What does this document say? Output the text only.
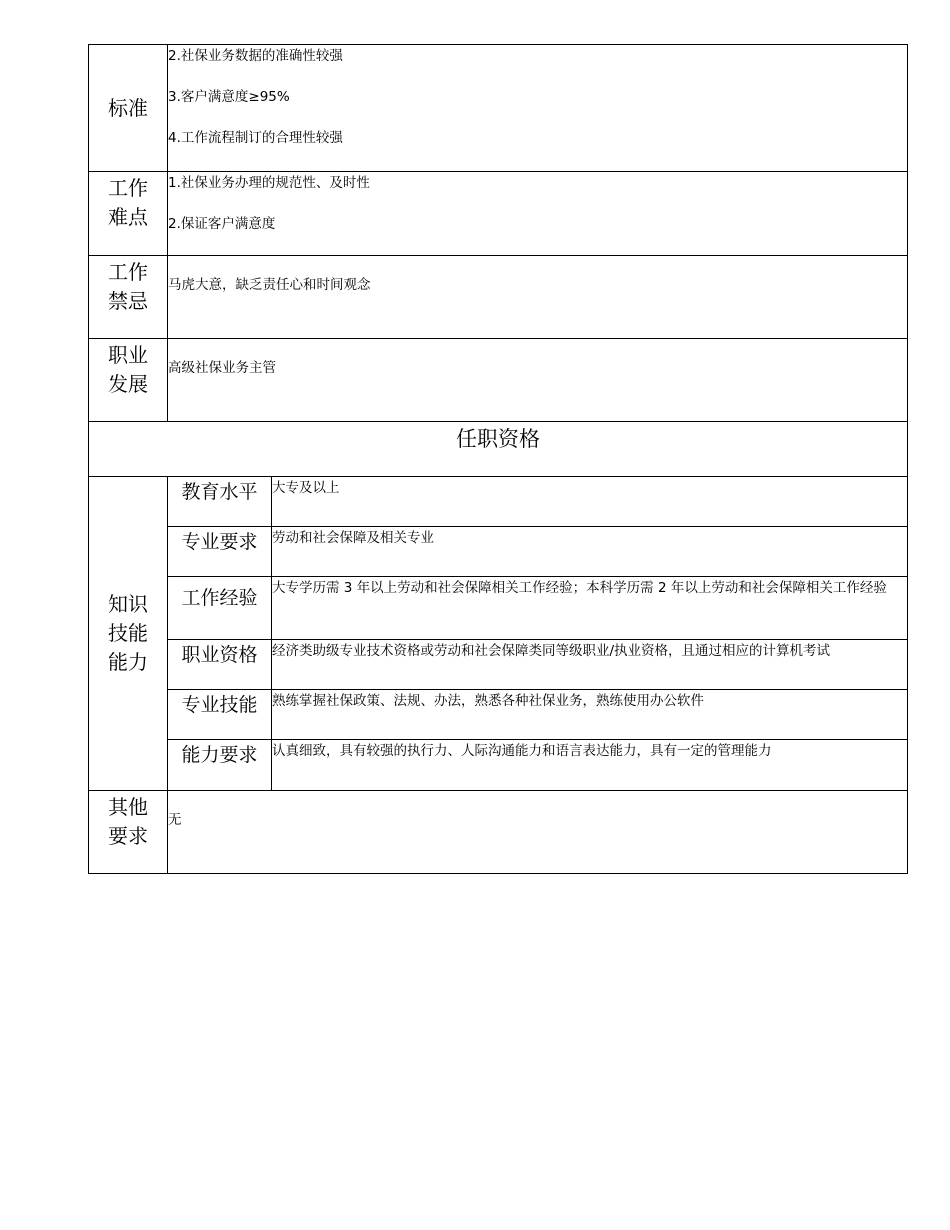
标准	2.社保业务数据的准确性较强

3.客户满意度≥95%

4.工作流程制订的合理性较强	

工作难点	1.社保业务办理的规范性、及时性

2.保证客户满意度	

工作禁忌	马虎大意，缺乏责任心和时间观念	
职业发展	高级社保业务主管	
任职资格		
知识技能能力	教育水平	大专及以上
	专业要求	劳动和社会保障及相关专业
	工作经验	大专学历需 3 年以上劳动和社会保障相关工作经验；本科学历需 2 年以上劳动和社会保障相关工作经验
	职业资格	经济类助级专业技术资格或劳动和社会保障类同等级职业/执业资格，且通过相应的计算机考试
	专业技能	熟练掌握社保政策、法规、办法，熟悉各种社保业务，熟练使用办公软件
	能力要求	认真细致，具有较强的执行力、人际沟通能力和语言表达能力，具有一定的管理能力
其他要求	无	
